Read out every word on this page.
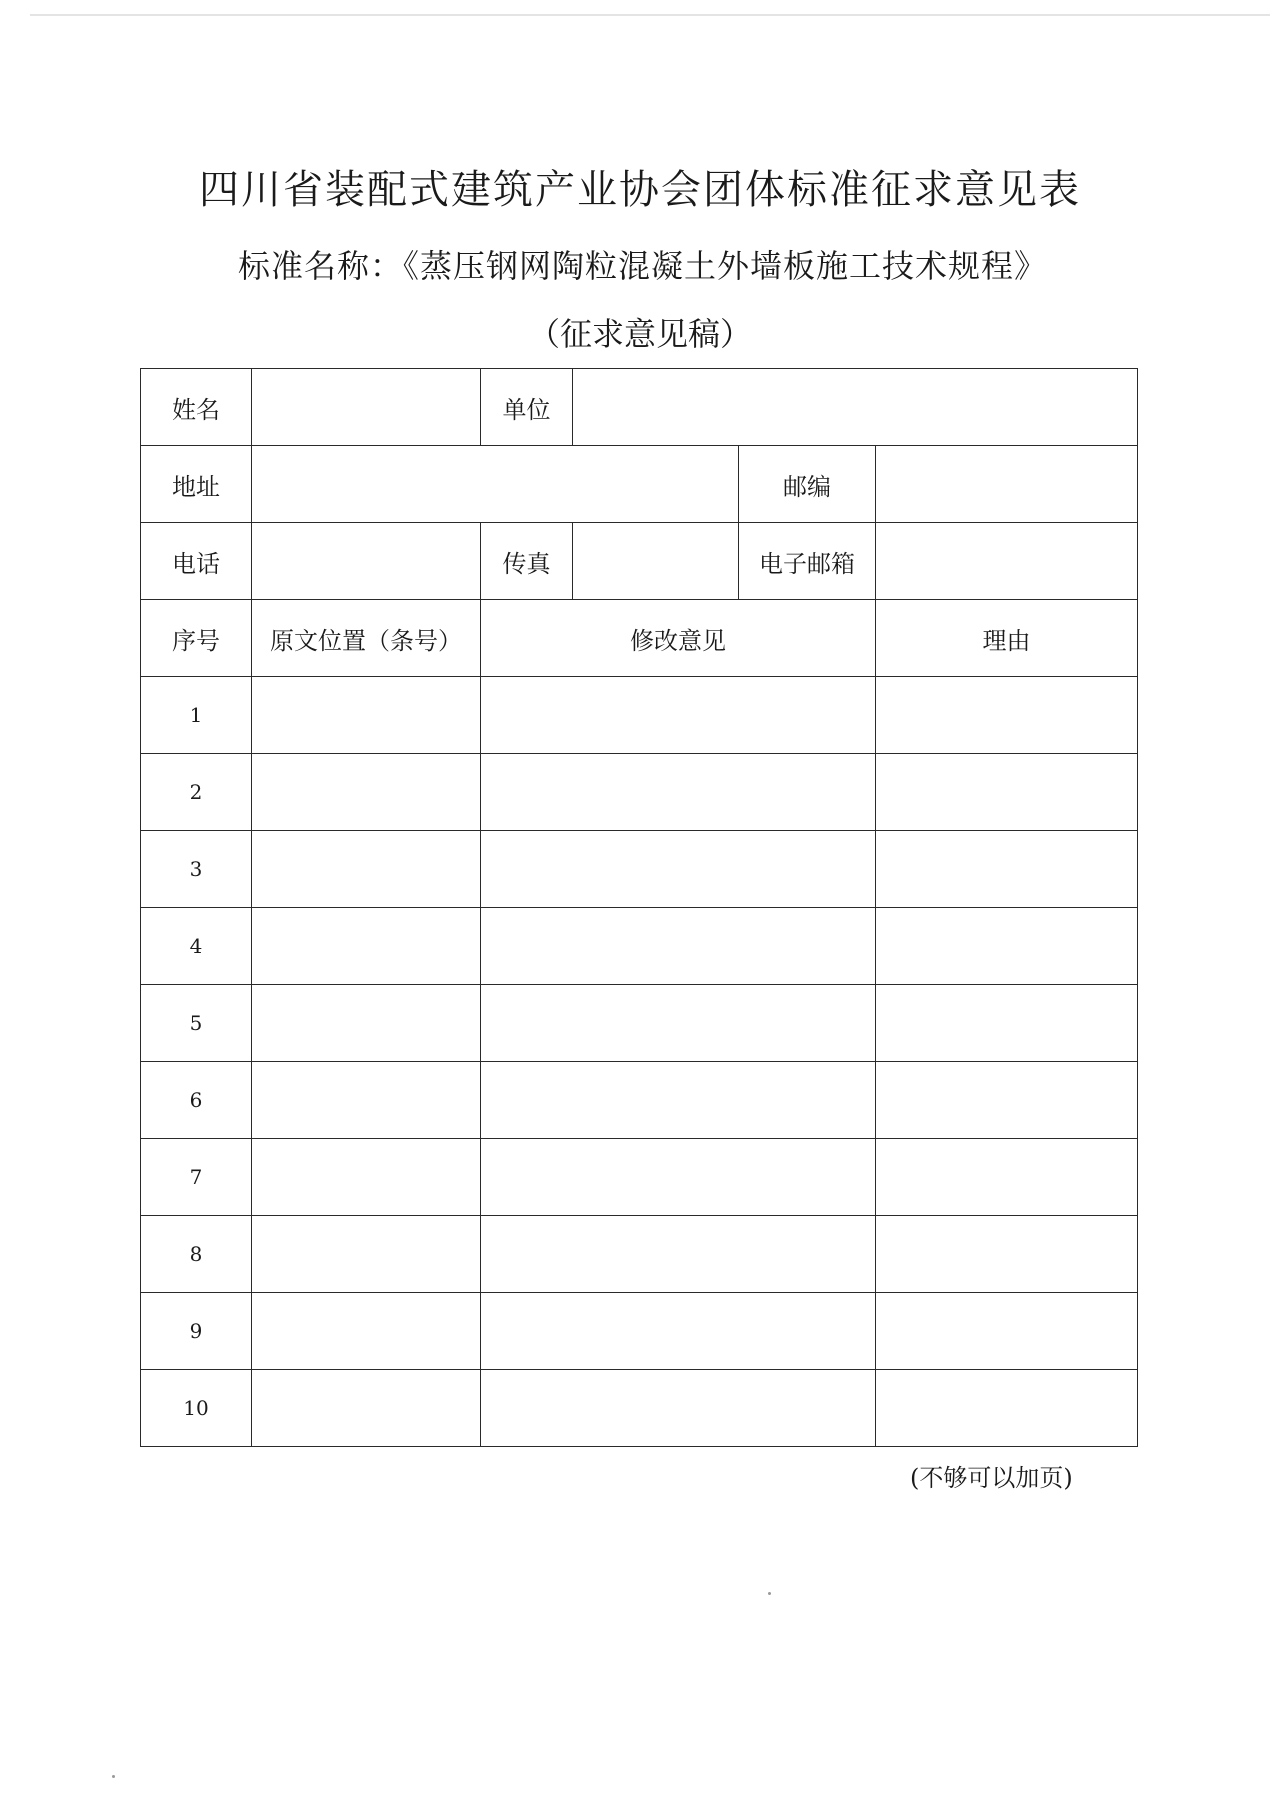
四川省装配式建筑产业协会团体标准征求意见表
标准名称：《蒸压钢网陶粒混凝土外墙板施工技术规程》
（征求意见稿）
姓名		单位			
地址				邮编	
电话		传真		电子邮箱	
序号	原文位置（条号）	修改意见			理由
1					
2					
3					
4					
5					
6					
7					
8					
9					
10					
(不够可以加页)
